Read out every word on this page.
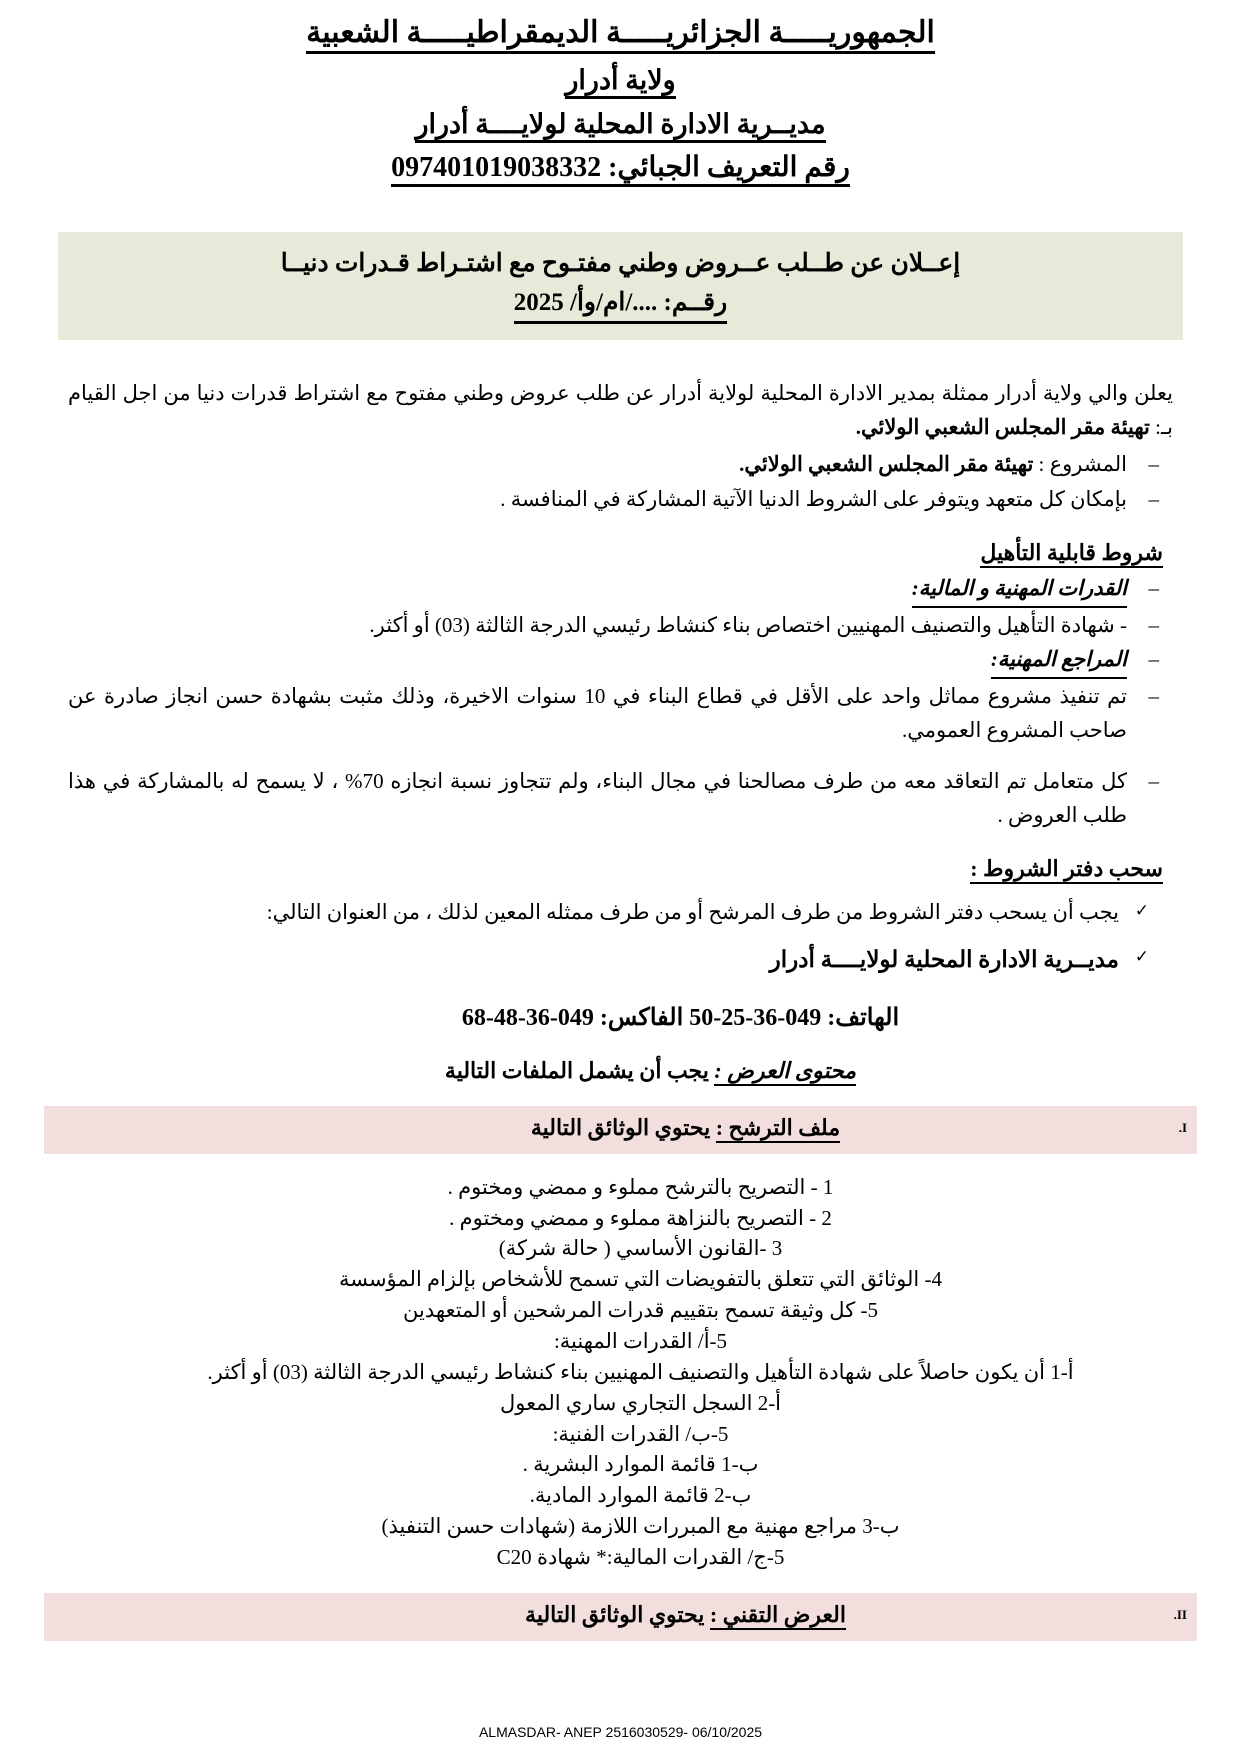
الجمهوريـــــة الجزائريـــــة الديمقراطيـــــة الشعبية
ولاية أدرار
مديــرية الادارة المحلية لولايــــة أدرار
رقم التعريف الجبائي: 097401019038332
إعــلان عن طــلب عــروض وطني مفتـوح مع اشتـراط قـدرات دنيــا
رقــم: ..../ام/وأ/ 2025
يعلن والي ولاية أدرار ممثلة بمدير الادارة المحلية لولاية أدرار عن طلب عروض وطني مفتوح مع اشتراط قدرات دنيا من اجل القيام بـ: تهيئة مقر المجلس الشعبي الولائي.
– المشروع : تهيئة مقر المجلس الشعبي الولائي.
– بإمكان كل متعهد ويتوفر على الشروط الدنيا الآتية المشاركة في المنافسة .
شروط قابلية التأهيل
– القدرات المهنية و المالية:
– - شهادة التأهيل والتصنيف المهنيين اختصاص بناء كنشاط رئيسي الدرجة الثالثة (03) أو أكثر.
– المراجع المهنية:
– تم تنفيذ مشروع مماثل واحد على الأقل في قطاع البناء في 10 سنوات الاخيرة، وذلك مثبت بشهادة حسن انجاز صادرة عن صاحب المشروع العمومي.
– كل متعامل تم التعاقد معه من طرف مصالحنا في مجال البناء، ولم تتجاوز نسبة انجازه 70% ، لا يسمح له بالمشاركة في هذا طلب العروض .
سحب دفتر الشروط :
✓ يجب أن يسحب دفتر الشروط من طرف المرشح أو من طرف ممثله المعين لذلك ، من العنوان التالي:
✓ مديــرية الادارة المحلية لولايــــة أدرار
الهاتف: 049-36-25-50 الفاكس: 049-36-48-68
محتوى العرض : يجب أن يشمل الملفات التالية
I.
ملف الترشح : يحتوي الوثائق التالية
1 - التصريح بالترشح مملوء و ممضي ومختوم .
2 - التصريح بالنزاهة مملوء و ممضي ومختوم .
3 -القانون الأساسي ( حالة شركة)
4- الوثائق التي تتعلق بالتفويضات التي تسمح للأشخاص بإلزام المؤسسة
5- كل وثيقة تسمح بتقييم قدرات المرشحين أو المتعهدين
5-أ/ القدرات المهنية:
أ-1 أن يكون حاصلاً على شهادة التأهيل والتصنيف المهنيين بناء كنشاط رئيسي الدرجة الثالثة (03) أو أكثر.
أ-2 السجل التجاري ساري المعول
5-ب/ القدرات الفنية:
ب-1 قائمة الموارد البشرية .
ب-2 قائمة الموارد المادية.
ب-3 مراجع مهنية مع المبررات اللازمة (شهادات حسن التنفيذ)
5-ج/ القدرات المالية:* شهادة C20
II.
العرض التقني : يحتوي الوثائق التالية
ALMASDAR- ANEP 2516030529- 06/10/2025
